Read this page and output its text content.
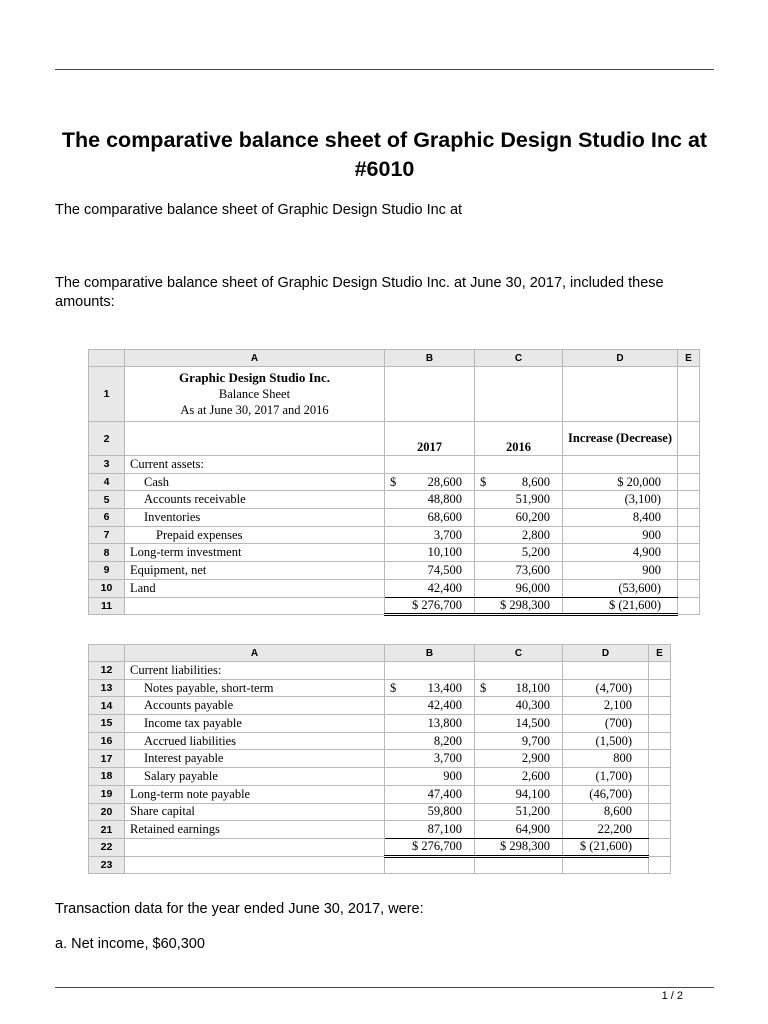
The comparative balance sheet of Graphic Design Studio Inc at #6010
The comparative balance sheet of Graphic Design Studio Inc at
The comparative balance sheet of Graphic Design Studio Inc. at June 30, 2017, included these amounts:
	A	B	C	D	E
1	Graphic Design Studio Inc.
Balance Sheet
As at June 30, 2017 and 2016				

2		2017	2016	Increase (Decrease)	
3	Current assets:				
4	Cash	$ 28,600	$ 8,600	$ 20,000	
5	Accounts receivable	48,800	51,900	(3,100)	
6	Inventories	68,600	60,200	8,400	
7	Prepaid expenses	3,700	2,800	900	
8	Long-term investment	10,100	5,200	4,900	
9	Equipment, net	74,500	73,600	900	
10	Land	42,400	96,000	(53,600)	
11		$ 276,700	$ 298,300	$ (21,600)	
	A	B	C	D	E
12	Current liabilities:				
13	Notes payable, short-term	$ 13,400	$ 18,100	(4,700)	
14	Accounts payable	42,400	40,300	2,100	
15	Income tax payable	13,800	14,500	(700)	
16	Accrued liabilities	8,200	9,700	(1,500)	
17	Interest payable	3,700	2,900	800	
18	Salary payable	900	2,600	(1,700)	
19	Long-term note payable	47,400	94,100	(46,700)	
20	Share capital	59,800	51,200	8,600	
21	Retained earnings	87,100	64,900	22,200	
22		$ 276,700	$ 298,300	$ (21,600)	
23					
Transaction data for the year ended June 30, 2017, were:
a. Net income, $60,300
1 / 2
